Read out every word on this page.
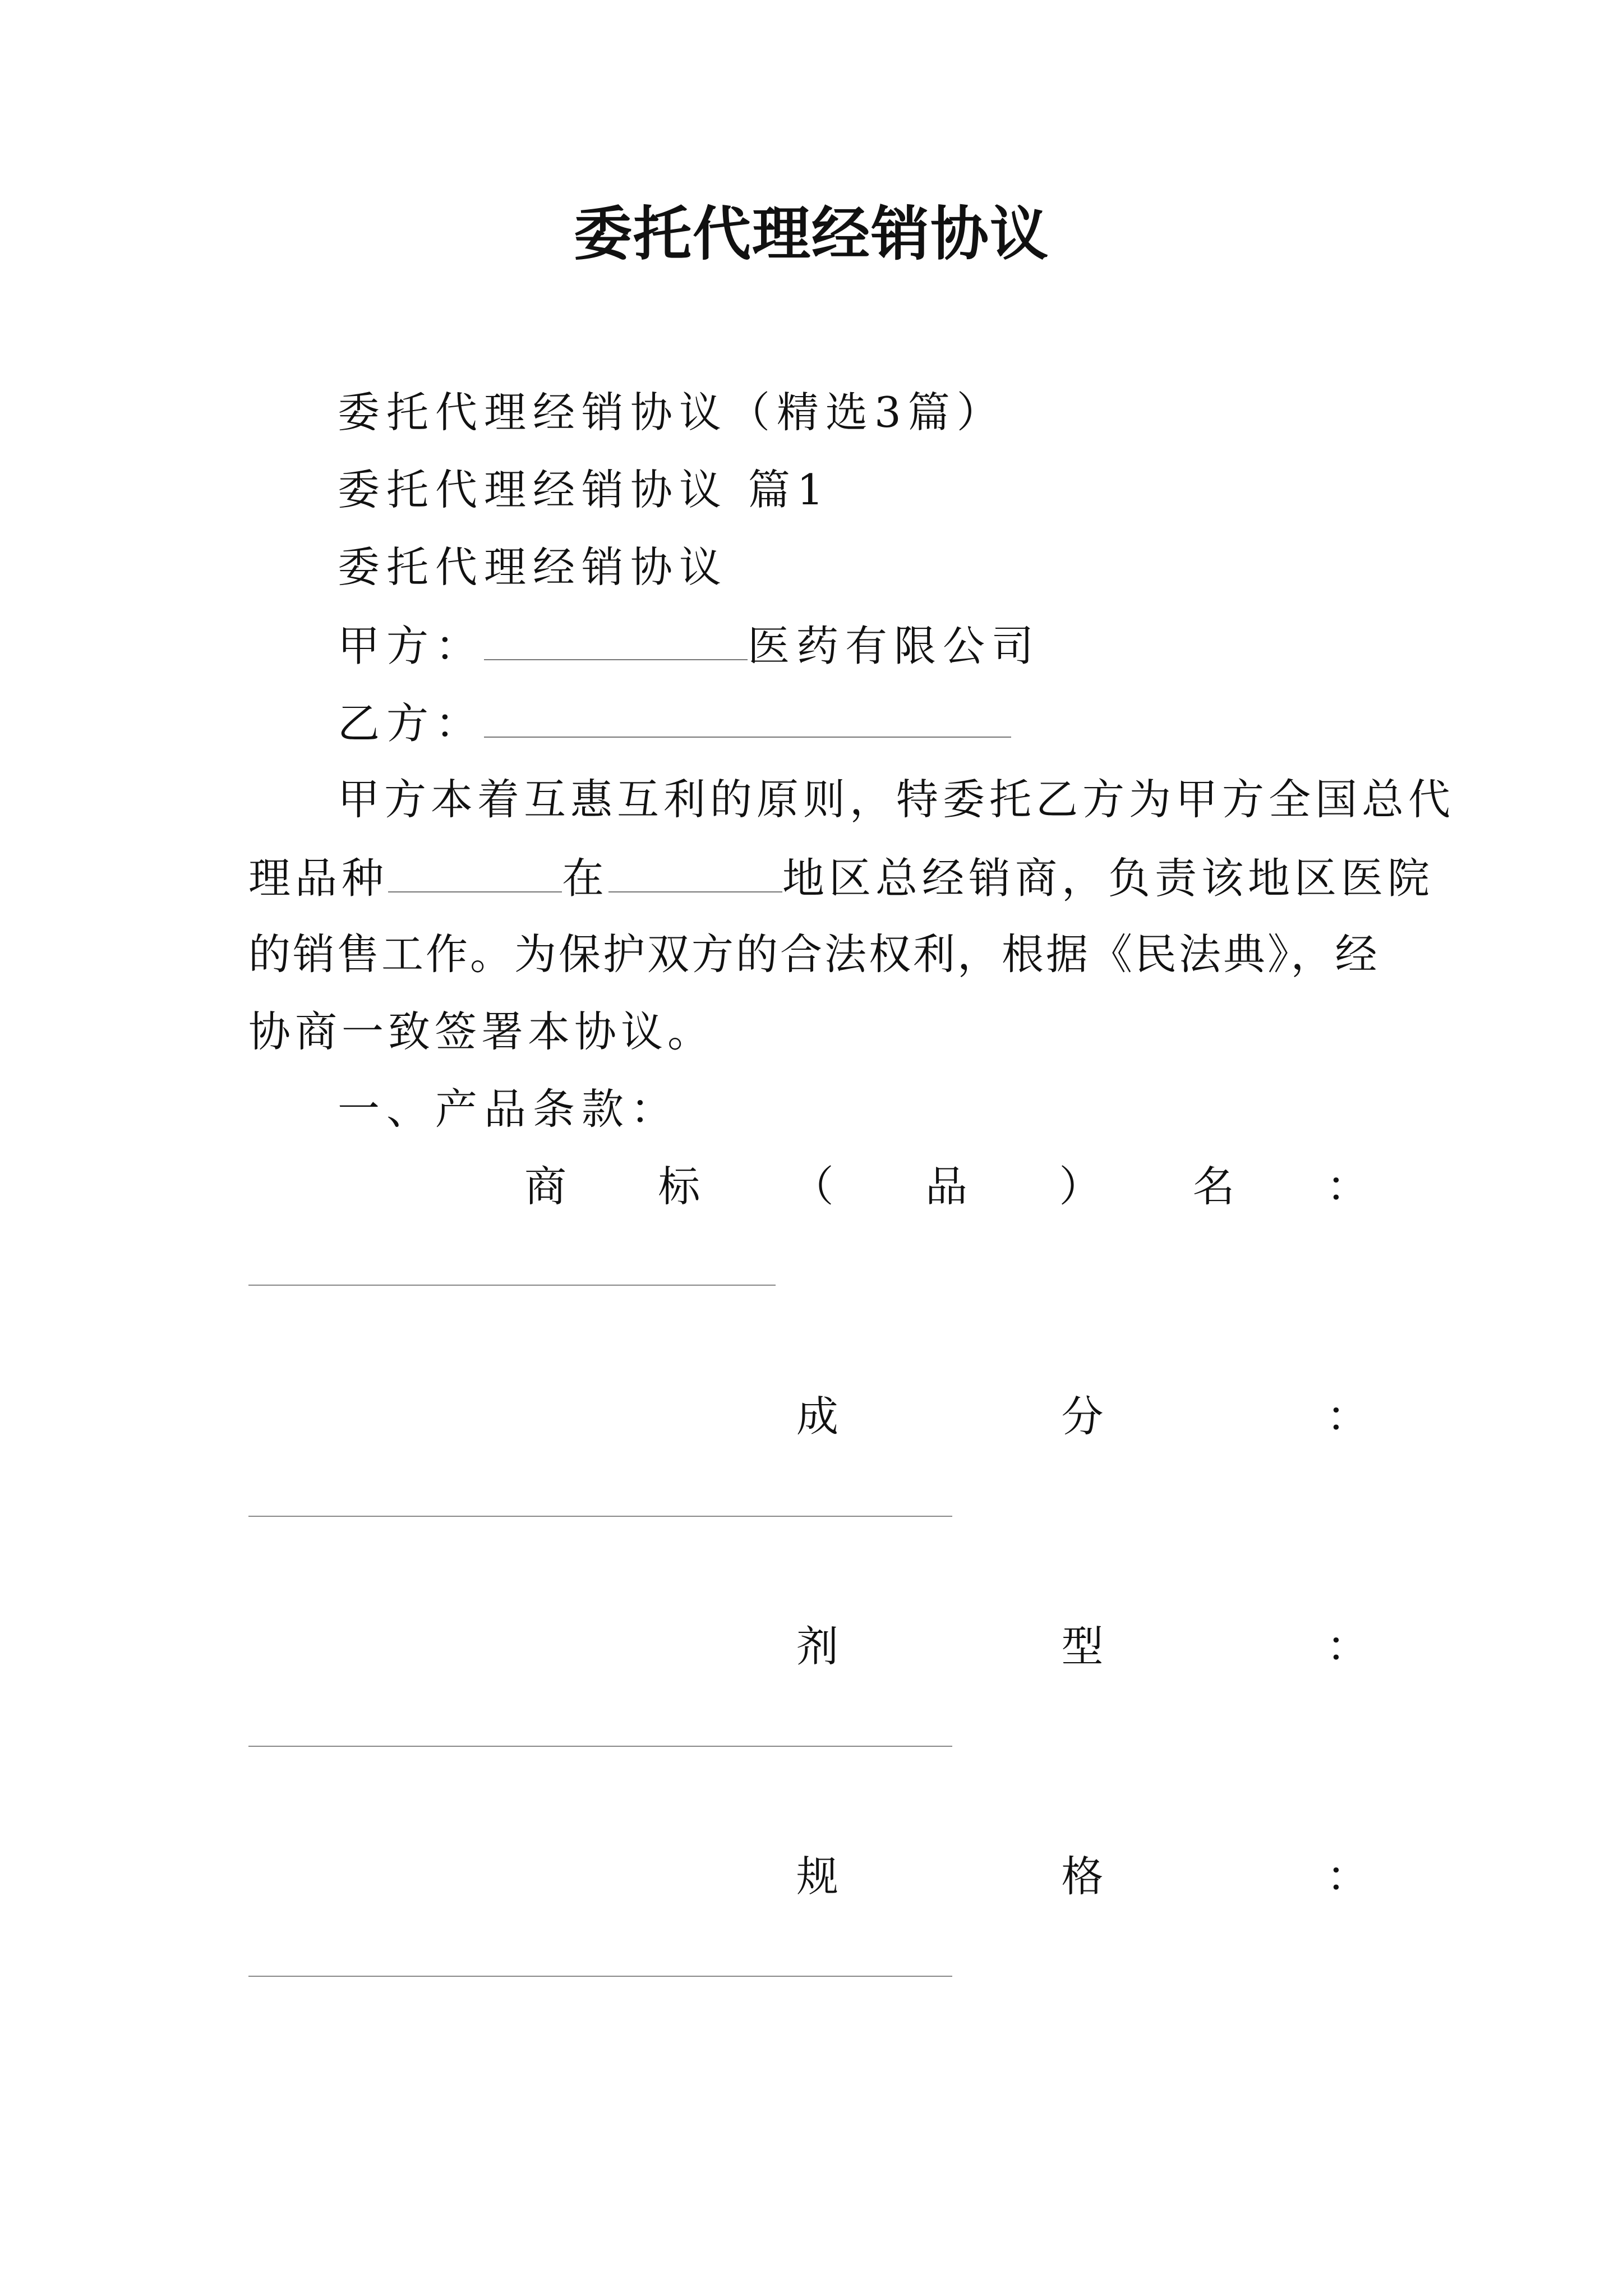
委托代理经销协议
委托代理经销协议（精选3篇）
委托代理经销协议 篇1
委托代理经销协议
甲方：	医药有限公司
乙方：
甲方本着互惠互利的原则，特委托乙方为甲方全国总代
理品种	在	地区总经销商，负责该地区医院
的销售工作。为保护双方的合法权利，根据《民法典》，经
协商一致签署本协议。
一、产品条款：
商 标 （ 品 ） 名 ：
成	分	：
剂	型	：
规	格	：
